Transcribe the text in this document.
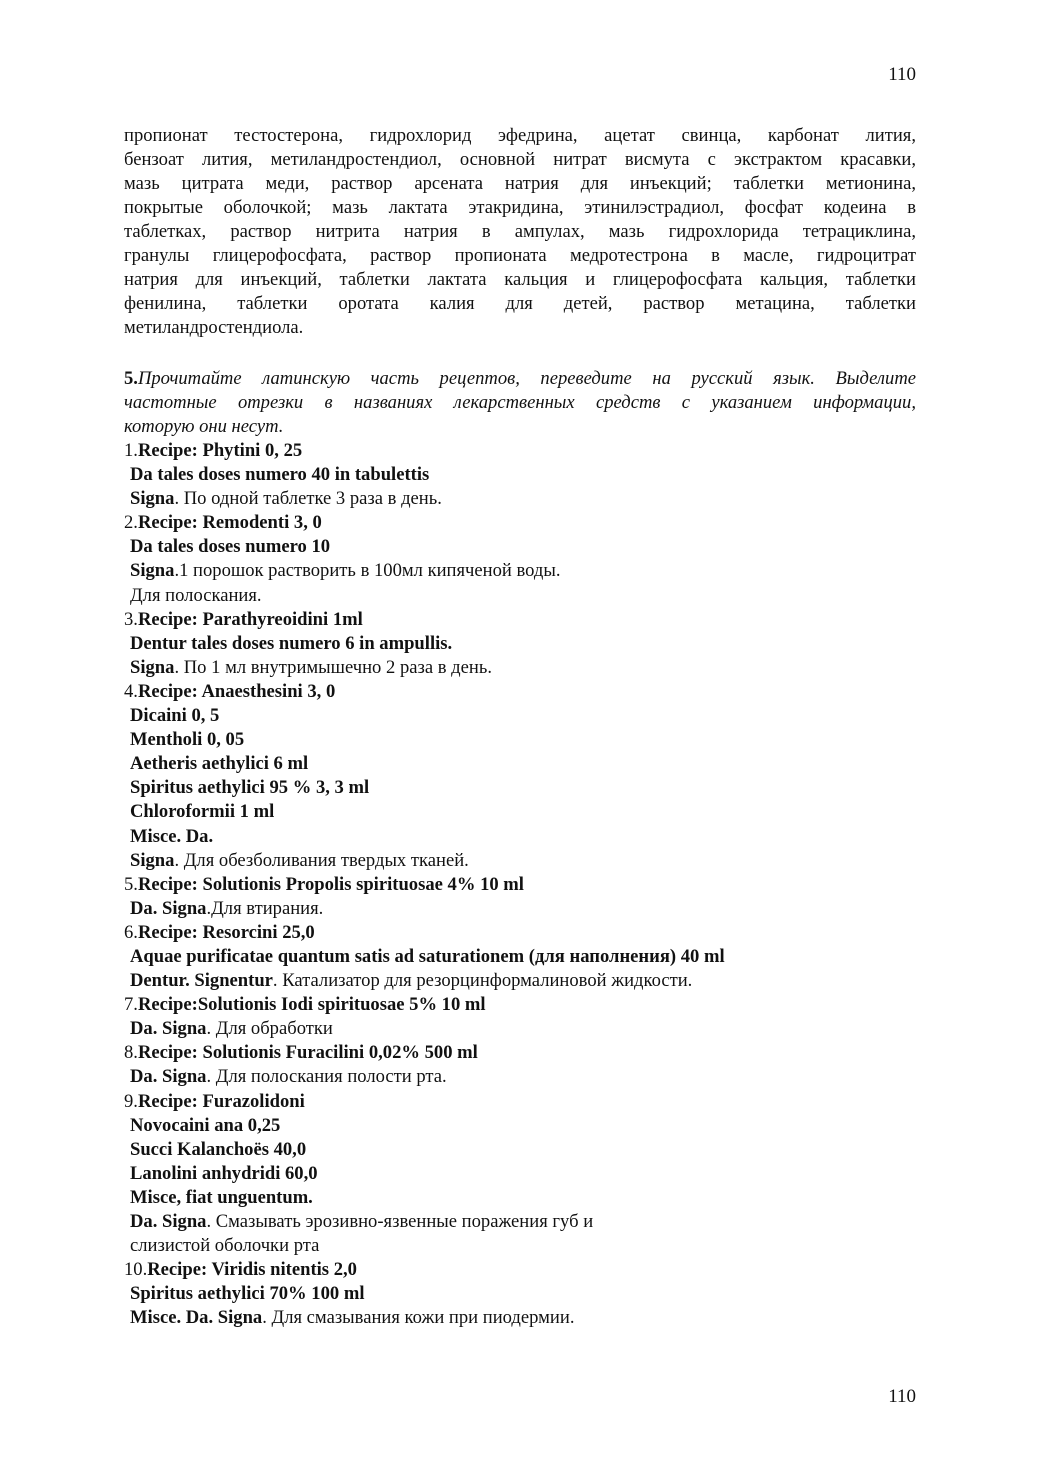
110
пропионат тестостерона, гидрохлорид эфедрина, ацетат свинца, карбонат лития,
бензоат лития, метиландростендиол, основной нитрат висмута с экстрактом красавки,
мазь цитрата меди, раствор арсената натрия для инъекций; таблетки метионина,
покрытые оболочкой; мазь лактата этакридина, этинилэстрадиол, фосфат кодеина в
таблетках, раствор нитрита натрия в ампулах, мазь гидрохлорида тетрациклина,
гранулы глицерофосфата, раствор пропионата медротестрона в масле, гидроцитрат
натрия для инъекций, таблетки лактата кальция и глицерофосфата кальция, таблетки
фенилина, таблетки оротата калия для детей, раствор метацина, таблетки
метиландростендиола.
5.Прочитайте латинскую часть рецептов, переведите на русский язык. Выделите
частотные отрезки в названиях лекарственных средств с указанием информации,
которую они несут.
1.Recipe: Phytini 0, 25
Da tales doses numero 40 in tabulettis
Signa. По одной таблетке 3 раза в день.
2.Recipe: Remodenti 3, 0
Da tales doses numero 10
Signa.1 порошок растворить в 100мл кипяченой воды.
Для полоскания.
3.Recipe: Parathyreoidini 1ml
Dentur tales doses numero 6 in ampullis.
Signa. По 1 мл внутримышечно 2 раза в день.
4.Recipe: Anaesthesini 3, 0
Dicaini 0, 5
Mentholi 0, 05
Aetheris aethylici 6 ml
Spiritus aethylici 95 % 3, 3 ml
Chloroformii 1 ml
Misce. Da.
Signa. Для обезболивания твердых тканей.
5.Recipe: Solutionis Propolis spirituosae 4% 10 ml
Da. Signa.Для втирания.
6.Recipe: Resorcini 25,0
Aquae purificatae quantum satis ad saturationem (для наполнения) 40 ml
Dentur. Signentur. Катализатор для резорцинформалиновой жидкости.
7.Recipe:Solutionis Iodi spirituosae 5% 10 ml
Da. Signa. Для обработки
8.Recipe: Solutionis Furacilini 0,02% 500 ml
Da. Signa. Для полоскания полости рта.
9.Recipe: Furazolidoni
Novocaini ana 0,25
Succi Kalanchoës 40,0
Lanolini anhydridi 60,0
Misce, fiat unguentum.
Da. Signa. Смазывать эрозивно-язвенные поражения губ и
слизистой оболочки рта
10.Recipe: Viridis nitentis 2,0
Spiritus aethylici 70% 100 ml
Misce. Da. Signa. Для смазывания кожи при пиодермии.
110
